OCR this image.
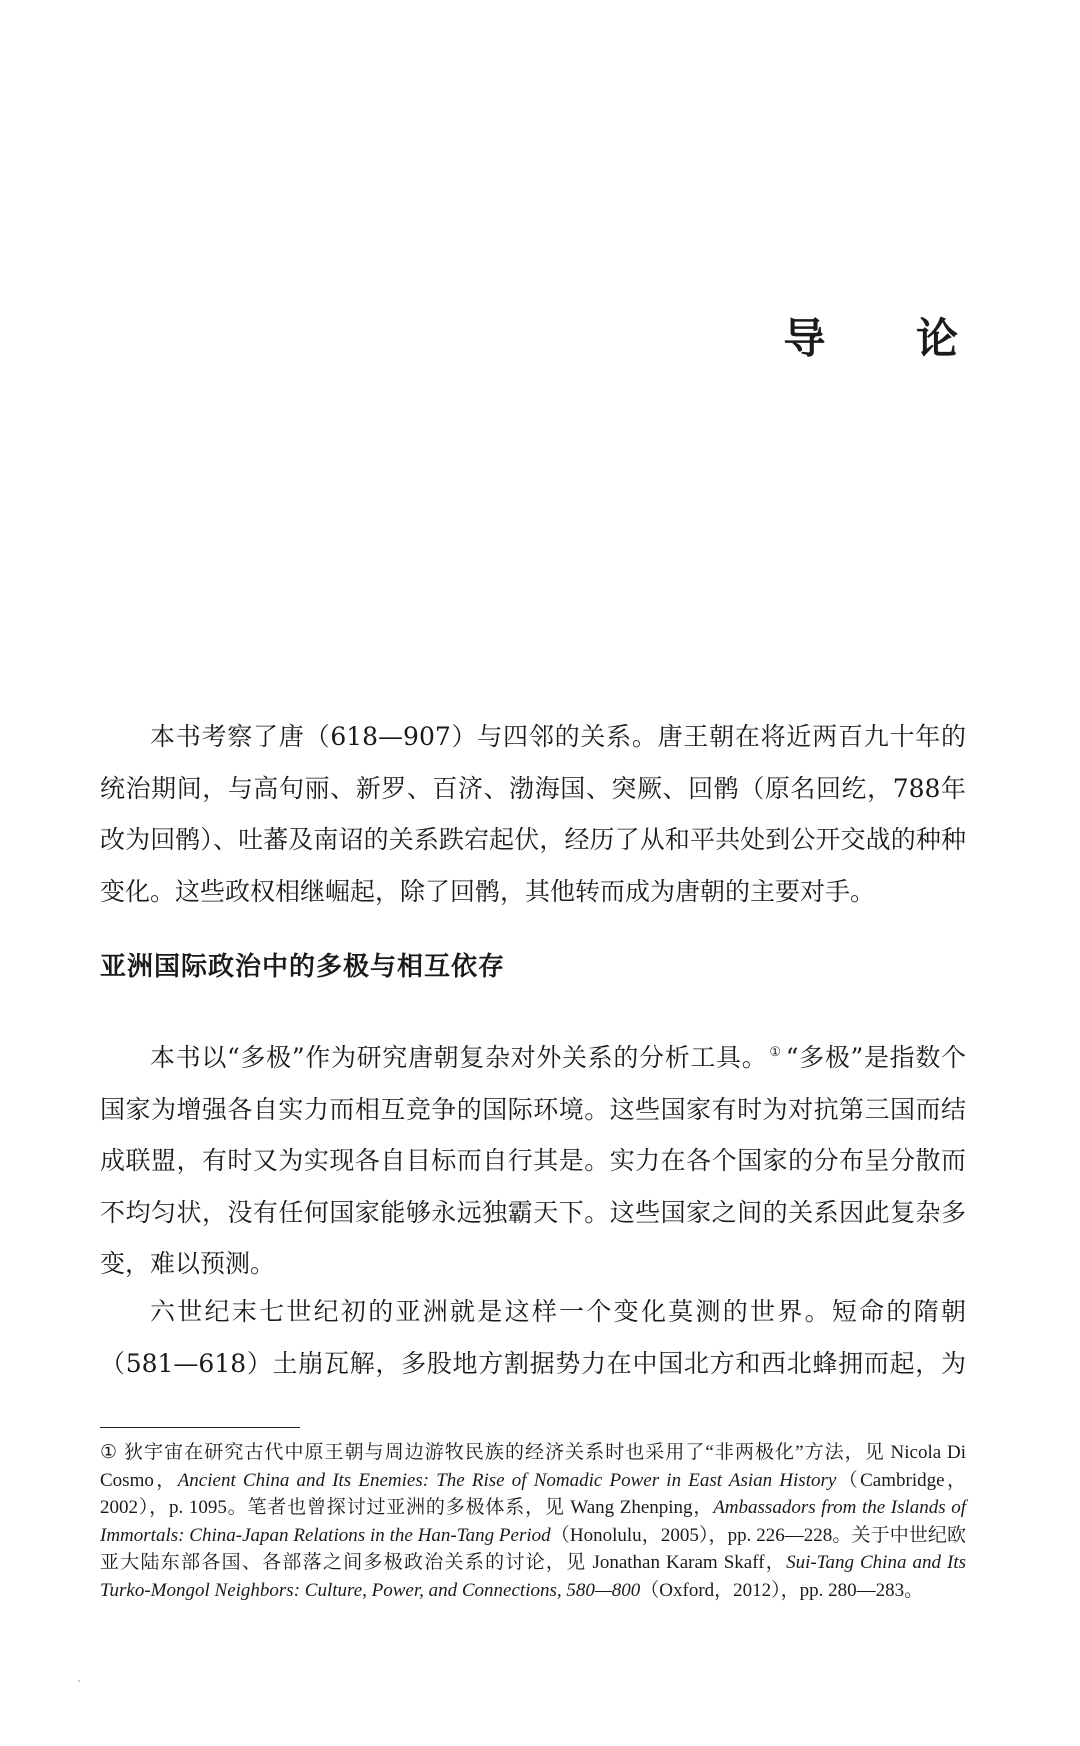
导 论
本书考察了唐（618—907）与四邻的关系。唐王朝在将近两百九十年的统治期间，与高句丽、新罗、百济、渤海国、突厥、回鹘（原名回纥，788年改为回鹘）、吐蕃及南诏的关系跌宕起伏，经历了从和平共处到公开交战的种种变化。这些政权相继崛起，除了回鹘，其他转而成为唐朝的主要对手。
亚洲国际政治中的多极与相互依存
本书以“多极”作为研究唐朝复杂对外关系的分析工具。 ① “多极”是指数个国家为增强各自实力而相互竞争的国际环境。这些国家有时为对抗第三国而结成联盟，有时又为实现各自目标而自行其是。实力在各个国家的分布呈分散而不均匀状，没有任何国家能够永远独霸天下。这些国家之间的关系因此复杂多变，难以预测。
六世纪末七世纪初的亚洲就是这样一个变化莫测的世界。短命的隋朝（581—618）土崩瓦解，多股地方割据势力在中国北方和西北蜂拥而起，为
① 狄宇宙在研究古代中原王朝与周边游牧民族的经济关系时也采用了“非两极化”方法，见 Nicola Di Cosmo，Ancient China and Its Enemies: The Rise of Nomadic Power in East Asian History（Cambridge，2002），p. 1095。笔者也曾探讨过亚洲的多极体系，见 Wang Zhenping，Ambassadors from the Islands of Immortals: China-Japan Relations in the Han-Tang Period（Honolulu，2005），pp. 226—228。关于中世纪欧亚大陆东部各国、各部落之间多极政治关系的讨论，见 Jonathan Karam Skaff，Sui-Tang China and Its Turko-Mongol Neighbors: Culture, Power, and Connections, 580—800（Oxford，2012），pp. 280—283。
